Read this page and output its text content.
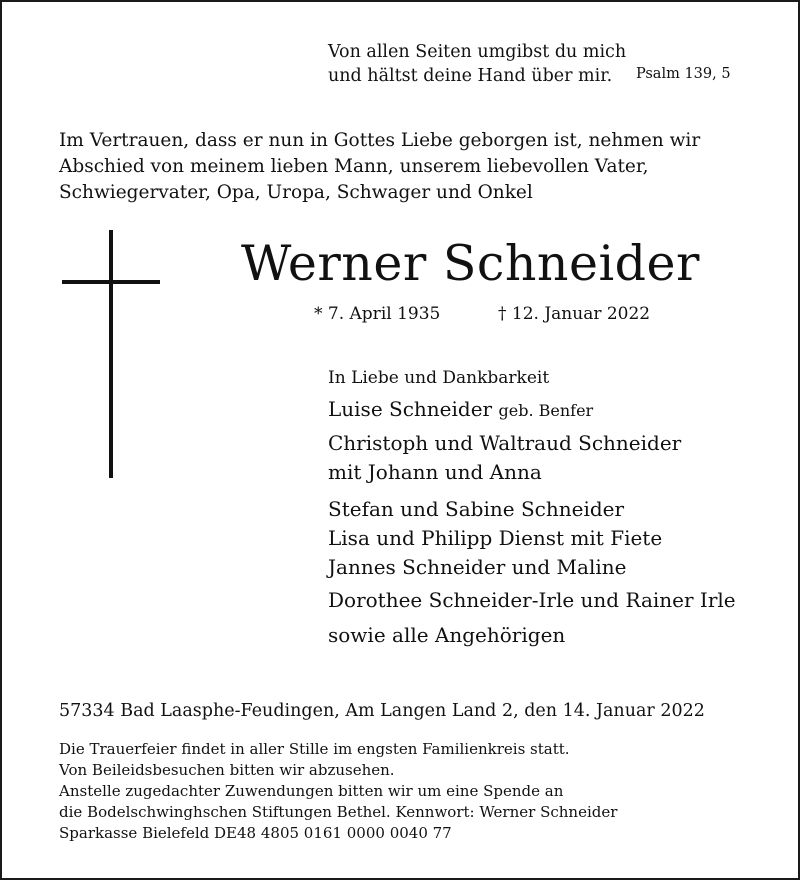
Von allen Seiten umgibst du mich
und hältst deine Hand über mir.	Psalm 139, 5
Im Vertrauen, dass er nun in Gottes Liebe geborgen ist, nehmen wir
Abschied von meinem lieben Mann, unserem liebevollen Vater,
Schwiegervater, Opa, Uropa, Schwager und Onkel
Werner Schneider
* 7. April 1935	† 12. Januar 2022
In Liebe und Dankbarkeit
Luise Schneider geb. Benfer
Christoph und Waltraud Schneider
mit Johann und Anna
Stefan und Sabine Schneider
Lisa und Philipp Dienst mit Fiete
Jannes Schneider und Maline
Dorothee Schneider-Irle und Rainer Irle
sowie alle Angehörigen
57334 Bad Laasphe-Feudingen, Am Langen Land 2, den 14. Januar 2022
Die Trauerfeier findet in aller Stille im engsten Familienkreis statt.
Von Beileidsbesuchen bitten wir abzusehen.
Anstelle zugedachter Zuwendungen bitten wir um eine Spende an
die Bodelschwinghschen Stiftungen Bethel. Kennwort: Werner Schneider
Sparkasse Bielefeld DE48 4805 0161 0000 0040 77
